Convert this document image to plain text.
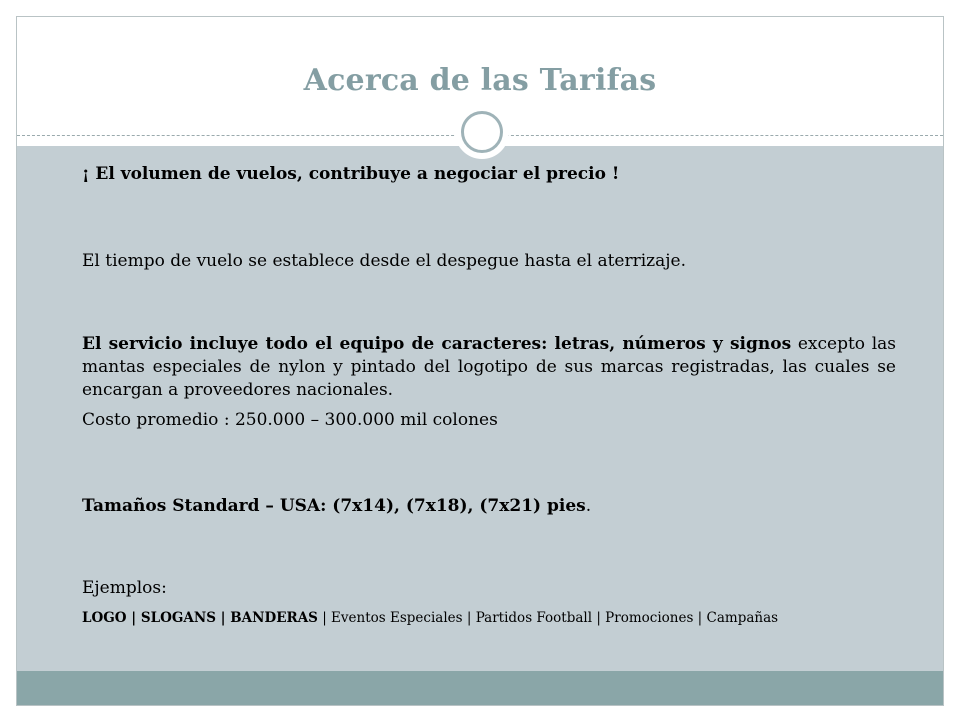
Acerca de las Tarifas

¡ El volumen de vuelos, contribuye a negociar el precio !

El tiempo de vuelo se establece desde el despegue hasta el aterrizaje.

El servicio incluye todo el equipo de caracteres: letras, números y signos excepto las mantas especiales de nylon y pintado del logotipo de sus marcas registradas, las cuales se encargan a proveedores nacionales.

Costo promedio : 250.000 – 300.000 mil colones

Tamaños Standard – USA: (7x14), (7x18), (7x21) pies.

Ejemplos:

LOGO | SLOGANS | BANDERAS | Eventos Especiales | Partidos Football | Promociones | Campañas
